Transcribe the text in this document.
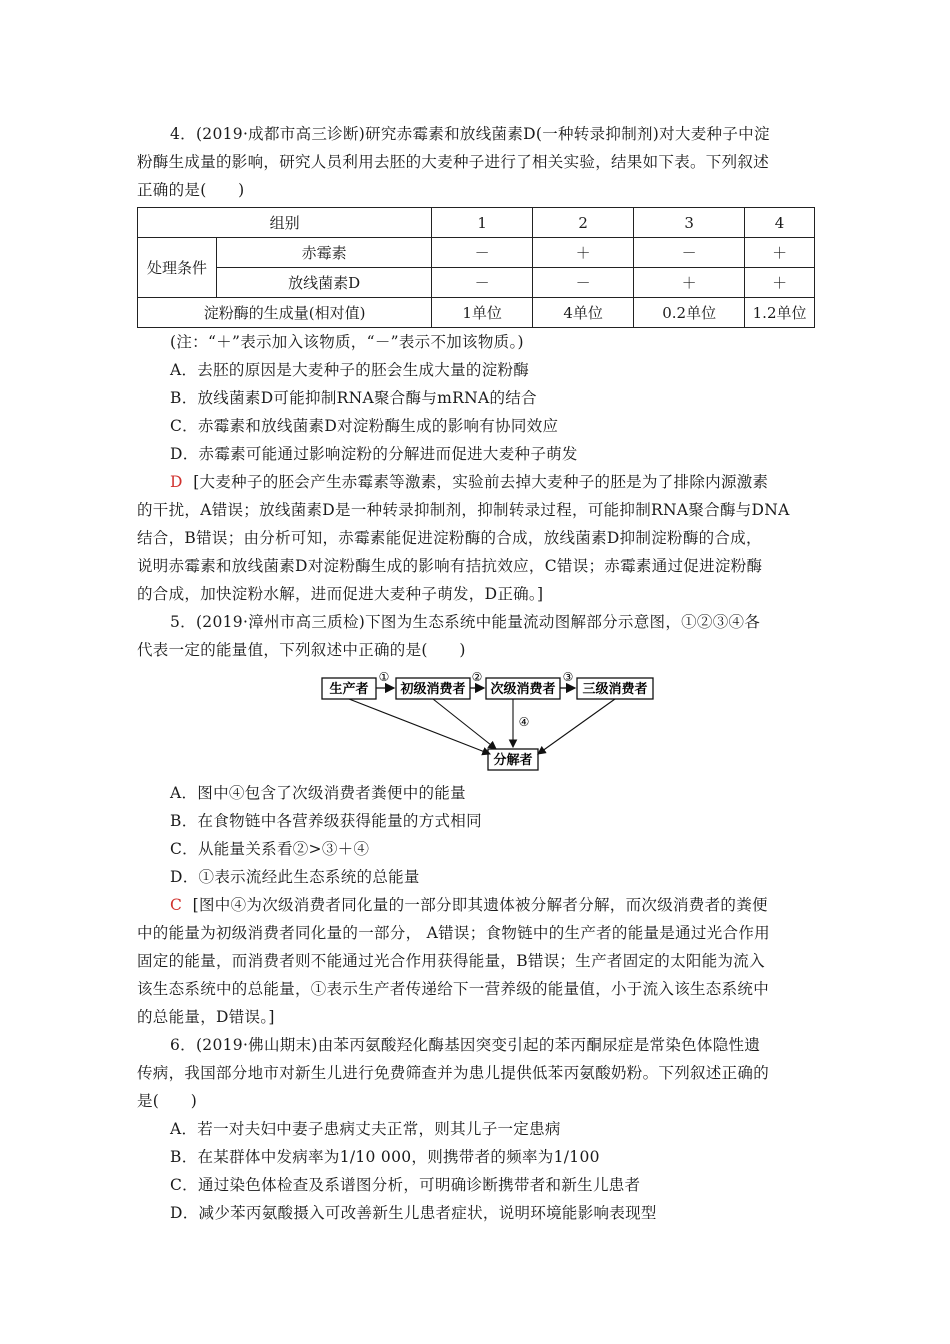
4．(2019·成都市高三诊断)研究赤霉素和放线菌素D(一种转录抑制剂)对大麦种子中淀
粉酶生成量的影响，研究人员利用去胚的大麦种子进行了相关实验，结果如下表。下列叙述
正确的是(　　)
组别		1	2	3	4
处理条件	赤霉素	－	＋	－	＋
	放线菌素D	－	－	＋	＋
淀粉酶的生成量(相对值)		1单位	4单位	0.2单位	1.2单位
(注：“＋”表示加入该物质，“－”表示不加该物质。)
A．去胚的原因是大麦种子的胚会生成大量的淀粉酶
B．放线菌素D可能抑制RNA聚合酶与mRNA的结合
C．赤霉素和放线菌素D对淀粉酶生成的影响有协同效应
D．赤霉素可能通过影响淀粉的分解进而促进大麦种子萌发
D [大麦种子的胚会产生赤霉素等激素，实验前去掉大麦种子的胚是为了排除内源激素
的干扰，A错误；放线菌素D是一种转录抑制剂，抑制转录过程，可能抑制RNA聚合酶与DNA
结合，B错误；由分析可知，赤霉素能促进淀粉酶的合成，放线菌素D抑制淀粉酶的合成，
说明赤霉素和放线菌素D对淀粉酶生成的影响有拮抗效应，C错误；赤霉素通过促进淀粉酶
的合成，加快淀粉水解，进而促进大麦种子萌发，D正确。]
5．(2019·漳州市高三质检)下图为生态系统中能量流动图解部分示意图，①②③④各
代表一定的能量值，下列叙述中正确的是(　　)
生产者 初级消费者 次级消费者 三级消费者
分解者
①	②	③
④
A．图中④包含了次级消费者粪便中的能量
B．在食物链中各营养级获得能量的方式相同
C．从能量关系看②>③＋④
D．①表示流经此生态系统的总能量
C [图中④为次级消费者同化量的一部分即其遗体被分解者分解，而次级消费者的粪便
中的能量为初级消费者同化量的一部分， A错误；食物链中的生产者的能量是通过光合作用
固定的能量，而消费者则不能通过光合作用获得能量，B错误；生产者固定的太阳能为流入
该生态系统中的总能量，①表示生产者传递给下一营养级的能量值，小于流入该生态系统中
的总能量，D错误。]
6．(2019·佛山期末)由苯丙氨酸羟化酶基因突变引起的苯丙酮尿症是常染色体隐性遗
传病，我国部分地市对新生儿进行免费筛查并为患儿提供低苯丙氨酸奶粉。下列叙述正确的
是(　　)
A．若一对夫妇中妻子患病丈夫正常，则其儿子一定患病
B．在某群体中发病率为1/10 000，则携带者的频率为1/100
C．通过染色体检查及系谱图分析，可明确诊断携带者和新生儿患者
D．减少苯丙氨酸摄入可改善新生儿患者症状，说明环境能影响表现型
